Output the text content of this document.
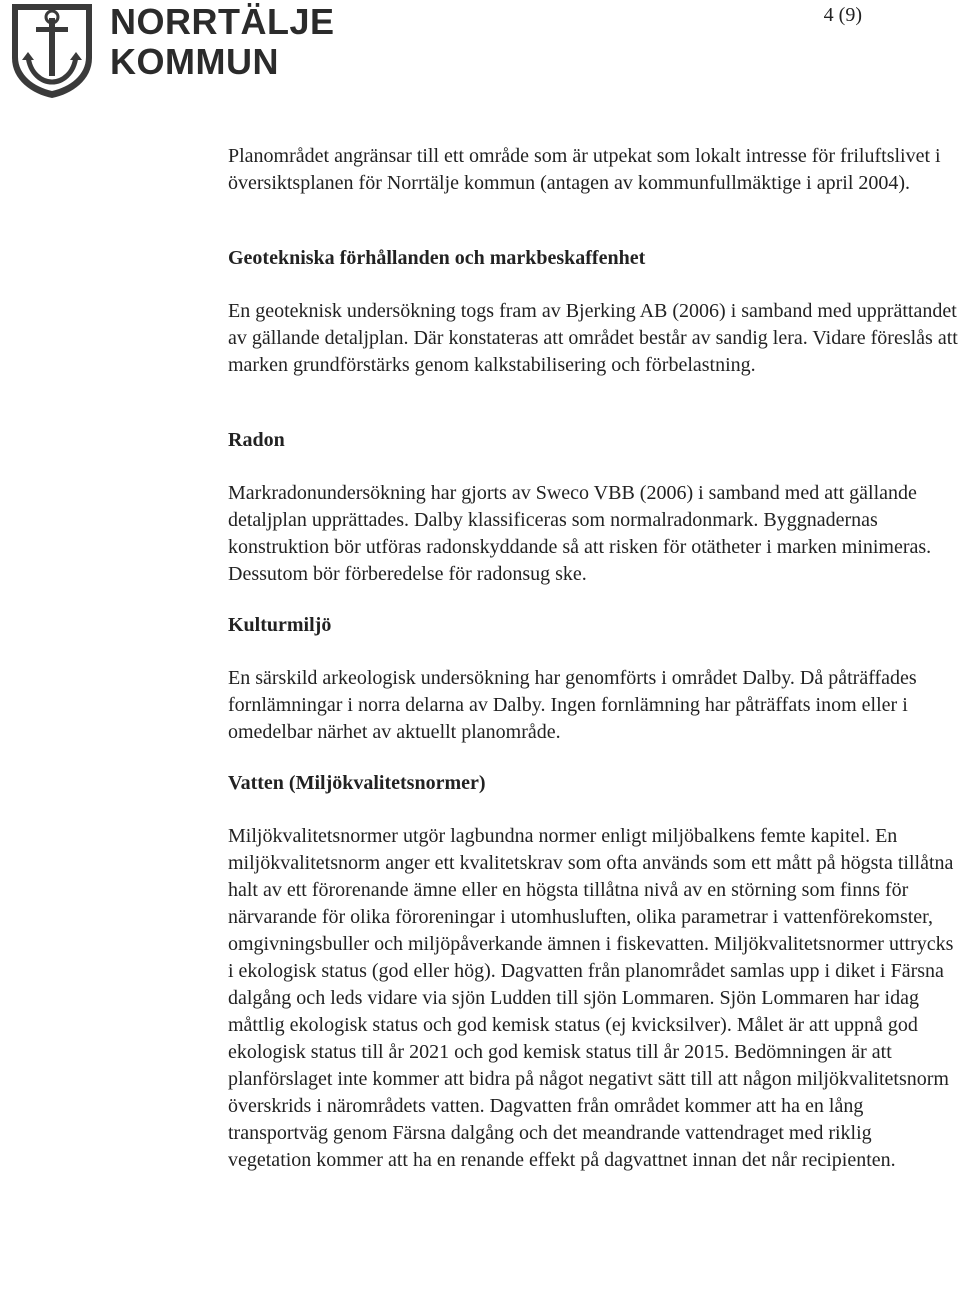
NORRTÄLJE
KOMMUN
4 (9)

Planområdet angränsar till ett område som är utpekat som lokalt intresse för friluftslivet i översiktsplanen för Norrtälje kommun (antagen av kommunfullmäktige i april 2004).

Geotekniska förhållanden och markbeskaffenhet

En geoteknisk undersökning togs fram av Bjerking AB (2006) i samband med upprättandet av gällande detaljplan. Där konstateras att området består av sandig lera. Vidare föreslås att marken grundförstärks genom kalkstabilisering och förbelastning.

Radon

Markradonundersökning har gjorts av Sweco VBB (2006) i samband med att gällande detaljplan upprättades. Dalby klassificeras som normalradonmark. Byggnadernas konstruktion bör utföras radonskyddande så att risken för otätheter i marken minimeras. Dessutom bör förberedelse för radonsug ske.

Kulturmiljö

En särskild arkeologisk undersökning har genomförts i området Dalby. Då påträffades fornlämningar i norra delarna av Dalby. Ingen fornlämning har påträffats inom eller i omedelbar närhet av aktuellt planområde.

Vatten (Miljökvalitetsnormer)

Miljökvalitetsnormer utgör lagbundna normer enligt miljöbalkens femte kapitel. En miljökvalitetsnorm anger ett kvalitetskrav som ofta används som ett mått på högsta tillåtna halt av ett förorenande ämne eller en högsta tillåtna nivå av en störning som finns för närvarande för olika föroreningar i utomhusluften, olika parametrar i vattenförekomster, omgivningsbuller och miljöpåverkande ämnen i fiskevatten. Miljökvalitetsnormer uttrycks i ekologisk status (god eller hög). Dagvatten från planområdet samlas upp i diket i Färsna dalgång och leds vidare via sjön Ludden till sjön Lommaren. Sjön Lommaren har idag måttlig ekologisk status och god kemisk status (ej kvicksilver). Målet är att uppnå god ekologisk status till år 2021 och god kemisk status till år 2015. Bedömningen är att planförslaget inte kommer att bidra på något negativt sätt till att någon miljökvalitetsnorm överskrids i närområdets vatten. Dagvatten från området kommer att ha en lång transportväg genom Färsna dalgång och det meandrande vattendraget med riklig vegetation kommer att ha en renande effekt på dagvattnet innan det når recipienten.
